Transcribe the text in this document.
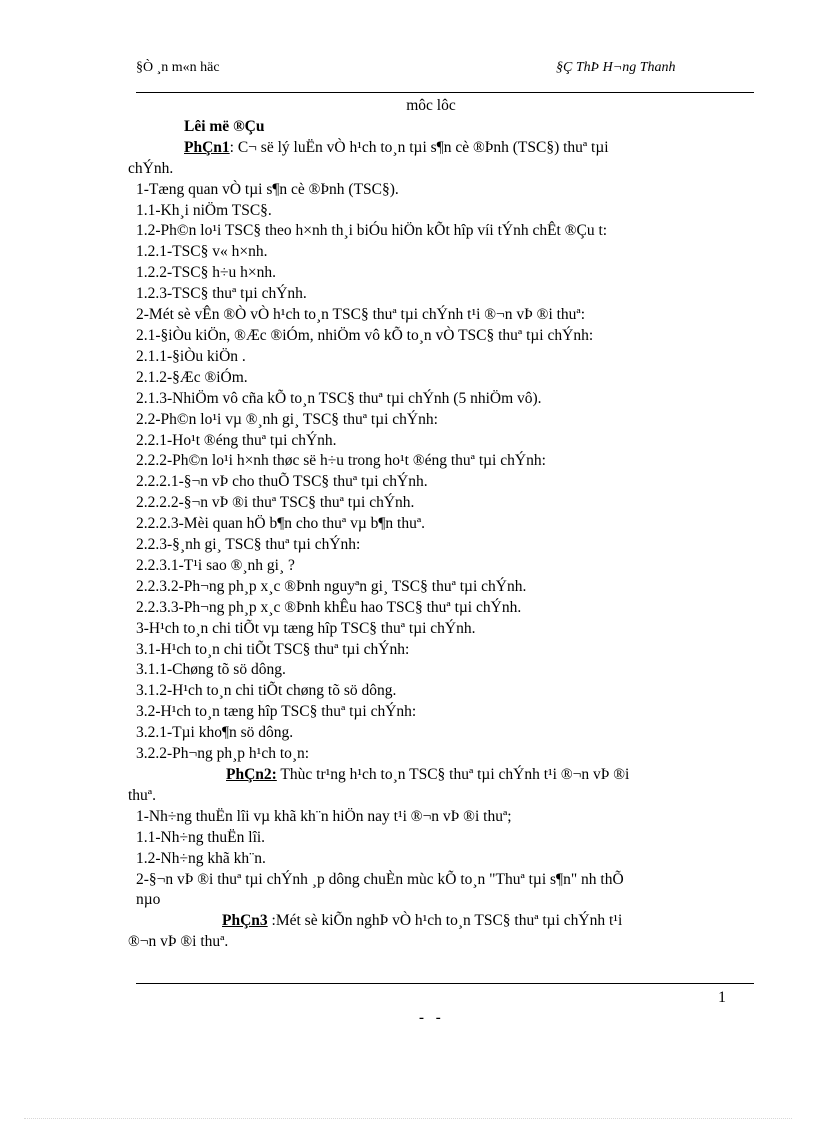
§Ò ¸n m«n häc	§Ç ThÞ H¬ng Thanh
môc lôc
Lêi më ®Çu
PhÇn1: C¬ së lý luËn vÒ h¹ch to¸n tµi s¶n cè ®Þnh (TSC§) thuª tµi
chÝnh.
1-Tæng quan vÒ tµi s¶n cè ®Þnh (TSC§).
1.1-Kh¸i niÖm TSC§.
1.2-Ph©n lo¹i TSC§ theo h×nh th¸i biÓu hiÖn kÕt hîp víi tÝnh chÊt ®Çu t:
1.2.1-TSC§ v« h×nh.
1.2.2-TSC§ h÷u h×nh.
1.2.3-TSC§ thuª tµi chÝnh.
2-Mét sè vÊn ®Ò vÒ h¹ch to¸n TSC§ thuª tµi chÝnh t¹i ®¬n vÞ ®i thuª:
2.1-§iÒu kiÖn, ®Æc ®iÓm, nhiÖm vô kÕ to¸n vÒ TSC§ thuª tµi chÝnh:
2.1.1-§iÒu kiÖn .
2.1.2-§Æc ®iÓm.
2.1.3-NhiÖm vô cña kÕ to¸n TSC§ thuª tµi chÝnh (5 nhiÖm vô).
2.2-Ph©n lo¹i vµ ®¸nh gi¸ TSC§ thuª tµi chÝnh:
2.2.1-Ho¹t ®éng thuª tµi chÝnh.
2.2.2-Ph©n lo¹i h×nh thøc së h÷u trong ho¹t ®éng thuª tµi chÝnh:
2.2.2.1-§¬n vÞ cho thuÕ TSC§ thuª tµi chÝnh.
2.2.2.2-§¬n vÞ ®i thuª TSC§ thuª tµi chÝnh.
2.2.2.3-Mèi quan hÖ b¶n cho thuª vµ b¶n thuª.
2.2.3-§¸nh gi¸ TSC§ thuª tµi chÝnh:
2.2.3.1-T¹i sao ®¸nh gi¸ ?
2.2.3.2-Ph¬ng ph¸p x¸c ®Þnh nguyªn gi¸ TSC§ thuª tµi chÝnh.
2.2.3.3-Ph¬ng ph¸p x¸c ®Þnh khÊu hao TSC§ thuª tµi chÝnh.
3-H¹ch to¸n chi tiÕt vµ tæng hîp TSC§ thuª tµi chÝnh.
3.1-H¹ch to¸n chi tiÕt TSC§ thuª tµi chÝnh:
3.1.1-Chøng tõ sö dông.
3.1.2-H¹ch to¸n chi tiÕt chøng tõ sö dông.
3.2-H¹ch to¸n tæng hîp TSC§ thuª tµi chÝnh:
3.2.1-Tµi kho¶n sö dông.
3.2.2-Ph¬ng ph¸p h¹ch to¸n:
PhÇn2: Thùc tr¹ng h¹ch to¸n TSC§ thuª tµi chÝnh t¹i ®¬n vÞ ®i
thuª.
1-Nh÷ng thuËn lîi vµ khã kh¨n hiÖn nay t¹i ®¬n vÞ ®i thuª;
1.1-Nh÷ng thuËn lîi.
1.2-Nh÷ng khã kh¨n.
2-§¬n vÞ ®i thuª tµi chÝnh ¸p dông chuÈn mùc kÕ to¸n "Thuª tµi s¶n" nh thÕ
nµo
PhÇn3 :Mét sè kiÕn nghÞ vÒ h¹ch to¸n TSC§ thuª tµi chÝnh t¹i
®¬n vÞ ®i thuª.
1
- -
